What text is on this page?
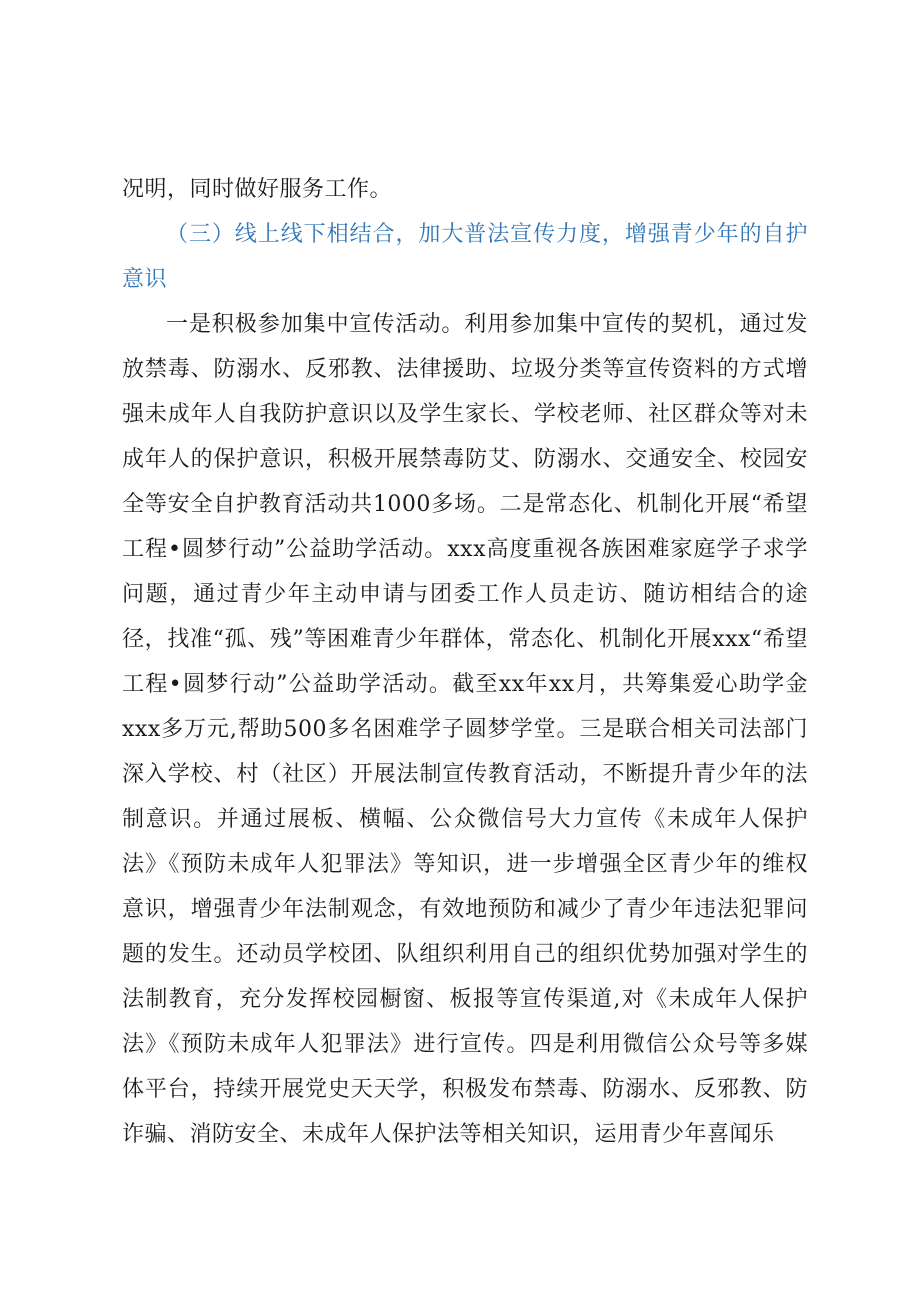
况明，同时做好服务工作。

（三）线上线下相结合，加大普法宣传力度，增强青少年的自护意识

一是积极参加集中宣传活动。利用参加集中宣传的契机，通过发放禁毒、防溺水、反邪教、法律援助、垃圾分类等宣传资料的方式增强未成年人自我防护意识以及学生家长、学校老师、社区群众等对未成年人的保护意识，积极开展禁毒防艾、防溺水、交通安全、校园安全等安全自护教育活动共1000多场。二是常态化、机制化开展“希望工程•圆梦行动”公益助学活动。xxx高度重视各族困难家庭学子求学问题，通过青少年主动申请与团委工作人员走访、随访相结合的途径，找准“孤、残”等困难青少年群体，常态化、机制化开展xxx“希望工程•圆梦行动”公益助学活动。截至xx年xx月，共筹集爱心助学金xxx多万元,帮助500多名困难学子圆梦学堂。三是联合相关司法部门深入学校、村（社区）开展法制宣传教育活动，不断提升青少年的法制意识。并通过展板、横幅、公众微信号大力宣传《未成年人保护法》《预防未成年人犯罪法》等知识，进一步增强全区青少年的维权意识，增强青少年法制观念，有效地预防和减少了青少年违法犯罪问题的发生。还动员学校团、队组织利用自己的组织优势加强对学生的法制教育，充分发挥校园橱窗、板报等宣传渠道,对《未成年人保护法》《预防未成年人犯罪法》进行宣传。四是利用微信公众号等多媒体平台，持续开展党史天天学，积极发布禁毒、防溺水、反邪教、防诈骗、消防安全、未成年人保护法等相关知识，运用青少年喜闻乐
